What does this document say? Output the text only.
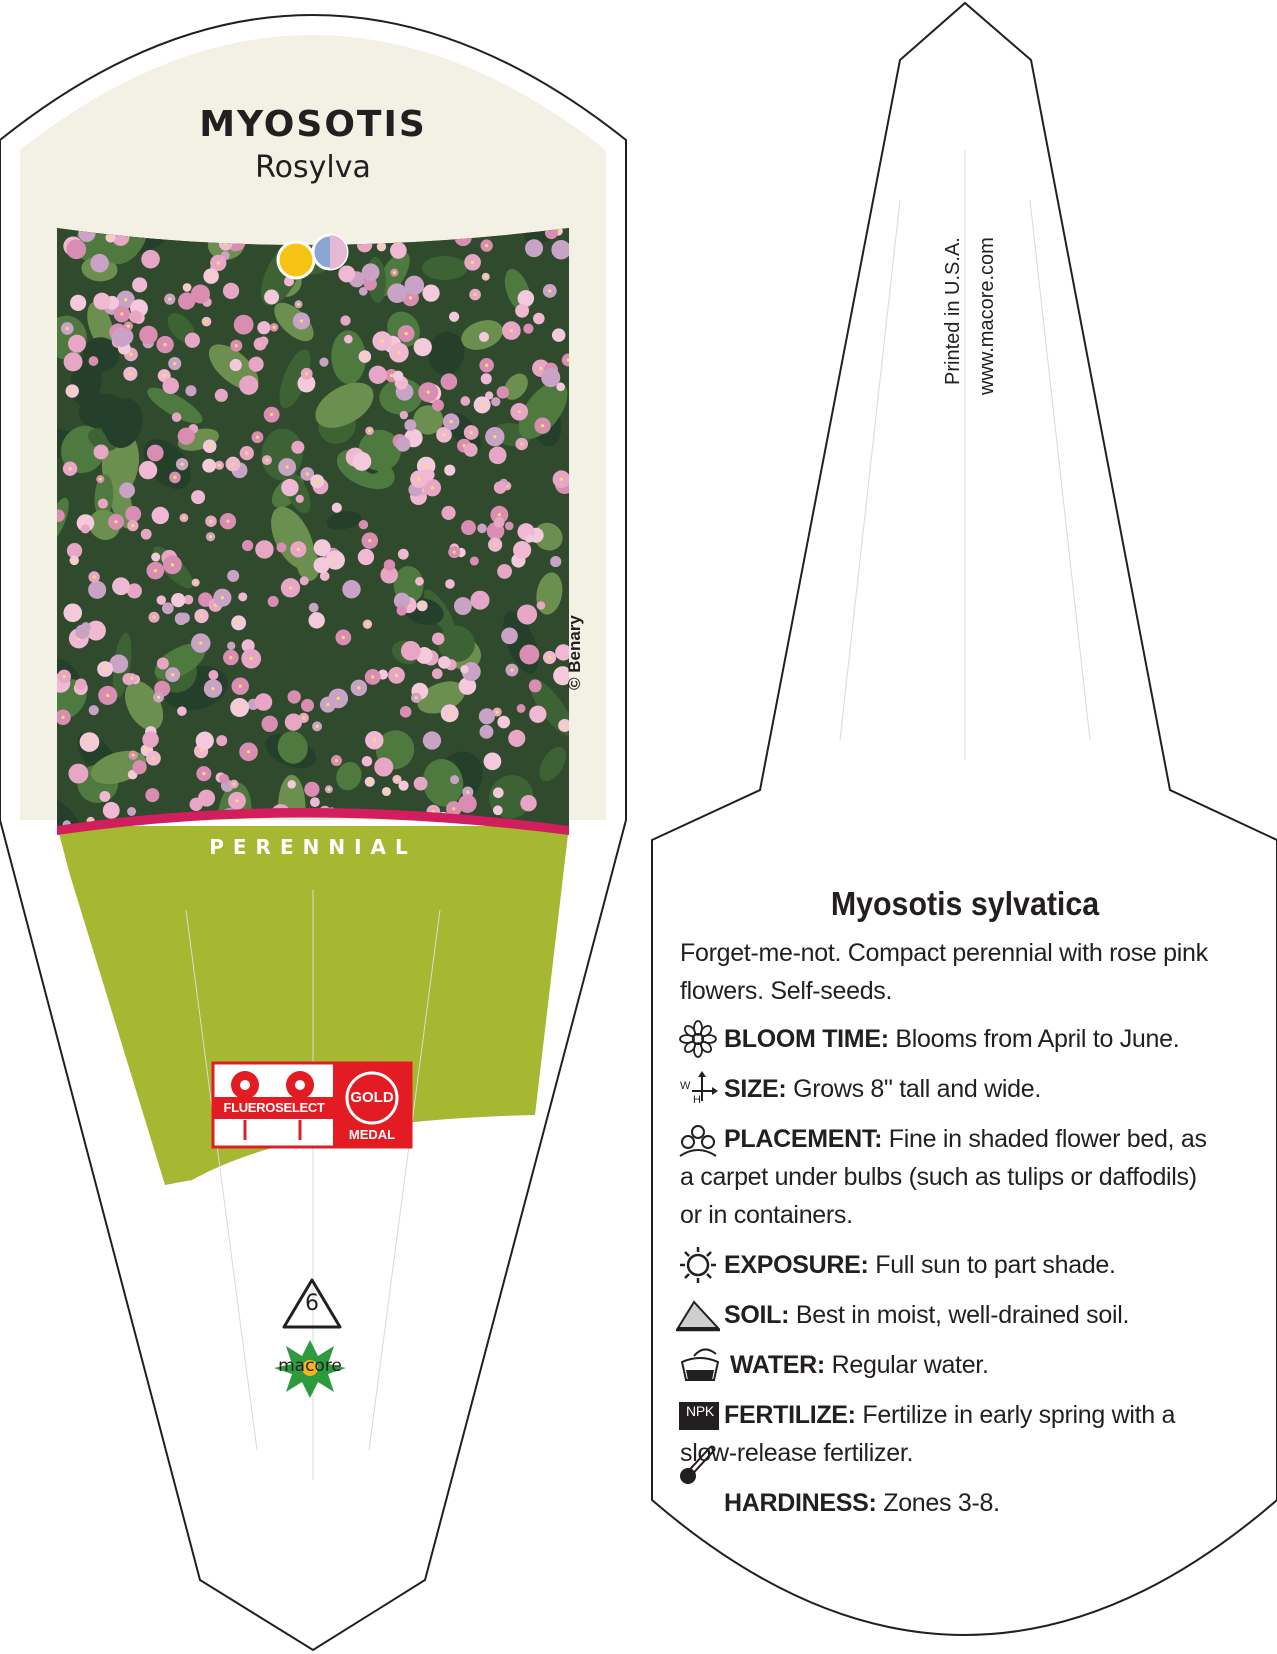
MYOSOTIS
Rosylva
© Benary
PERENNIAL
FLUEROSELECT
GOLD
MEDAL
6
macore
Printed in U.S.A. www.macore.com
Myosotis sylvatica
Forget-me-not. Compact perennial with rose pink flowers. Self-seeds.
BLOOM TIME: Blooms from April to June.
W
H SIZE: Grows 8" tall and wide.
PLACEMENT: Fine in shaded flower bed, as a carpet under bulbs (such as tulips or daffodils) or in containers.
EXPOSURE: Full sun to part shade.
SOIL: Best in moist, well-drained soil.
WATER: Regular water.
NPK FERTILIZE: Fertilize in early spring with a slow-release fertilizer.
HARDINESS: Zones 3-8.
